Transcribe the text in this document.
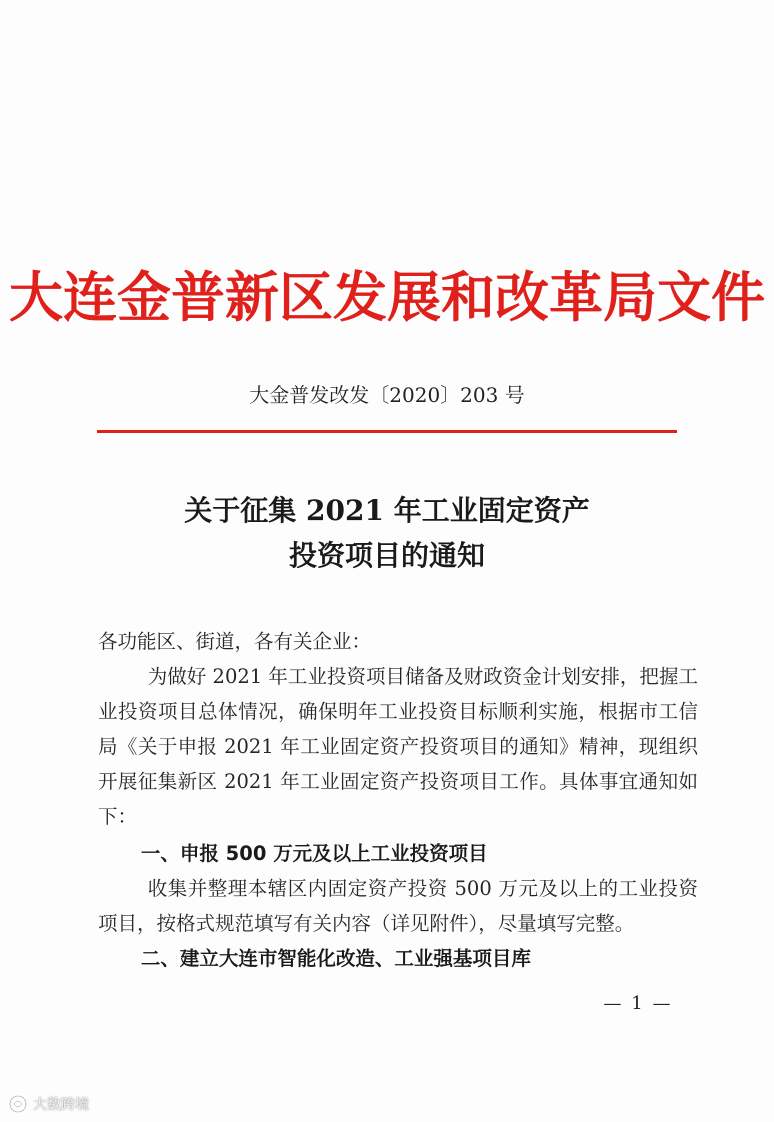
大连金普新区发展和改革局文件
大金普发改发〔2020〕203 号
关于征集 2021 年工业固定资产
投资项目的通知
各功能区、街道，各有关企业：
为做好 2021 年工业投资项目储备及财政资金计划安排，把握工业投资项目总体情况，确保明年工业投资目标顺利实施，根据市工信局《关于申报 2021 年工业固定资产投资项目的通知》精神，现组织开展征集新区 2021 年工业固定资产投资项目工作。具体事宜通知如下：
一、申报 500 万元及以上工业投资项目
收集并整理本辖区内固定资产投资 500 万元及以上的工业投资项目，按格式规范填写有关内容（详见附件），尽量填写完整。
二、建立大连市智能化改造、工业强基项目库
— 1 —
大数跨境
